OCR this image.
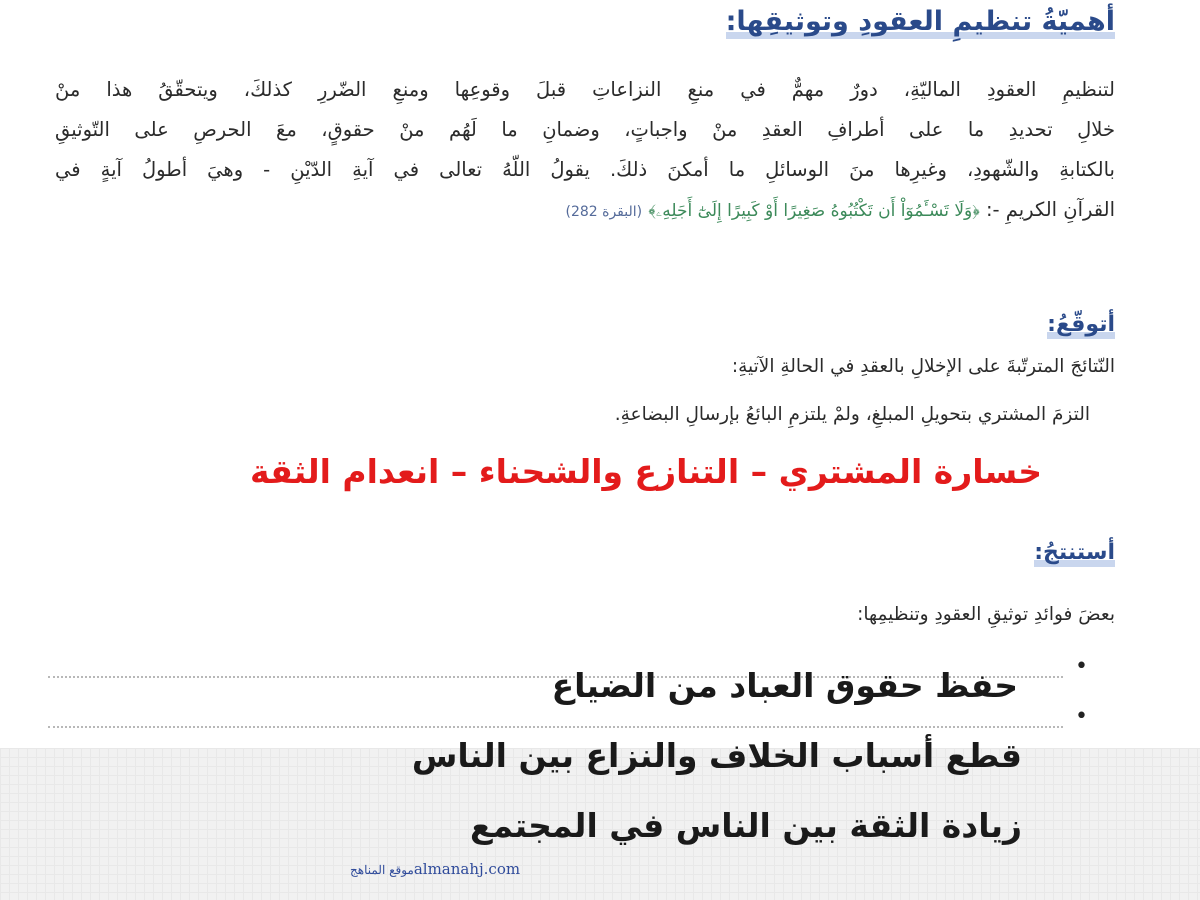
أهميّةُ تنظيمِ العقودِ وتوثيقِها:
لتنظيمِ العقودِ الماليّةِ، دورٌ مهمٌّ في منعِ النزاعاتِ قبلَ وقوعِها ومنعِ الضّررِ كذلكَ، ويتحقّقُ هذا منْ
خلالِ تحديدِ ما على أطرافِ العقدِ منْ واجباتٍ، وضمانِ ما لَهُم منْ حقوقٍ، معَ الحرصِ على التّوثيقِ
بالكتابةِ والشّهودِ، وغيرِها منَ الوسائلِ ما أمكنَ ذلكَ. يقولُ اللّهُ تعالى في آيةِ الدّيْنِ - وهيَ أطولُ آيةٍ في
القرآنِ الكريمِ -: ﴿وَلَا تَسْـَٔمُوٓاْ أَن تَكْتُبُوهُ صَغِيرًا أَوْ كَبِيرًا إِلَىٰٓ أَجَلِهِۦ﴾ (البقرة 282)
أتوقّعُ:
النّتائجَ المترتّبةَ على الإخلالِ بالعقدِ في الحالةِ الآتيةِ:
التزمَ المشتري بتحويلِ المبلغِ، ولمْ يلتزمِ البائعُ بإرسالِ البضاعةِ.
خسارة المشتري – التنازع والشحناء – انعدام الثقة
أستنتجُ:
بعضَ فوائدِ توثيقِ العقودِ وتنظيمِها:
•
•
حفظ حقوق العباد من الضياع
قطع أسباب الخلاف والنزاع بين الناس
زيادة الثقة بين الناس في المجتمع
موقع المناهجalmanahj.com
